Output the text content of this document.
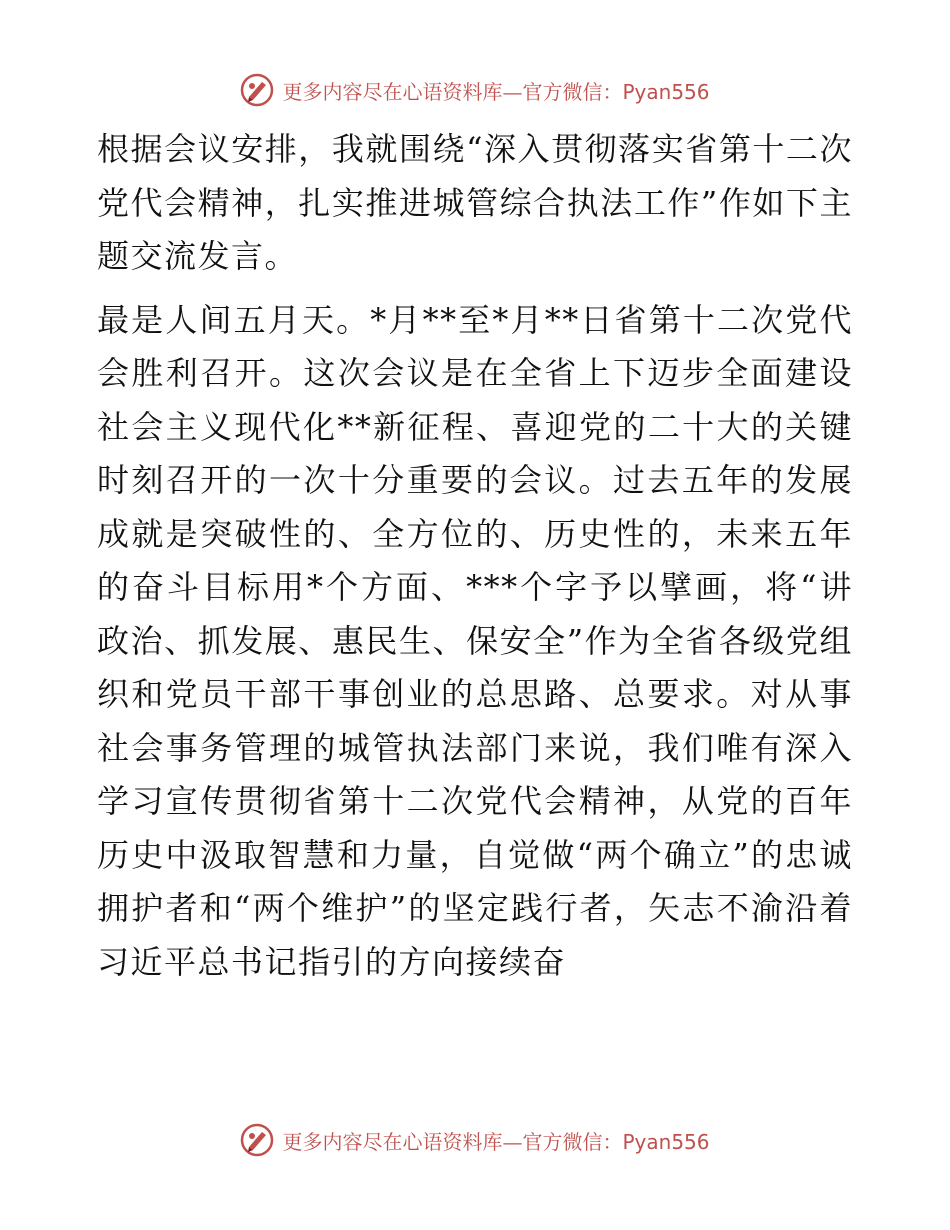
更多内容尽在心语资料库—官方微信：Pyan556

根据会议安排，我就围绕“深入贯彻落实省第十二次党代会精神，扎实推进城管综合执法工作”作如下主题交流发言。

最是人间五月天。*月**至*月**日省第十二次党代会胜利召开。这次会议是在全省上下迈步全面建设社会主义现代化**新征程、喜迎党的二十大的关键时刻召开的一次十分重要的会议。过去五年的发展成就是突破性的、全方位的、历史性的，未来五年的奋斗目标用*个方面、***个字予以擘画，将“讲政治、抓发展、惠民生、保安全”作为全省各级党组织和党员干部干事创业的总思路、总要求。对从事社会事务管理的城管执法部门来说，我们唯有深入学习宣传贯彻省第十二次党代会精神，从党的百年历史中汲取智慧和力量，自觉做“两个确立”的忠诚拥护者和“两个维护”的坚定践行者，矢志不渝沿着习近平总书记指引的方向接续奋

更多内容尽在心语资料库—官方微信：Pyan556
